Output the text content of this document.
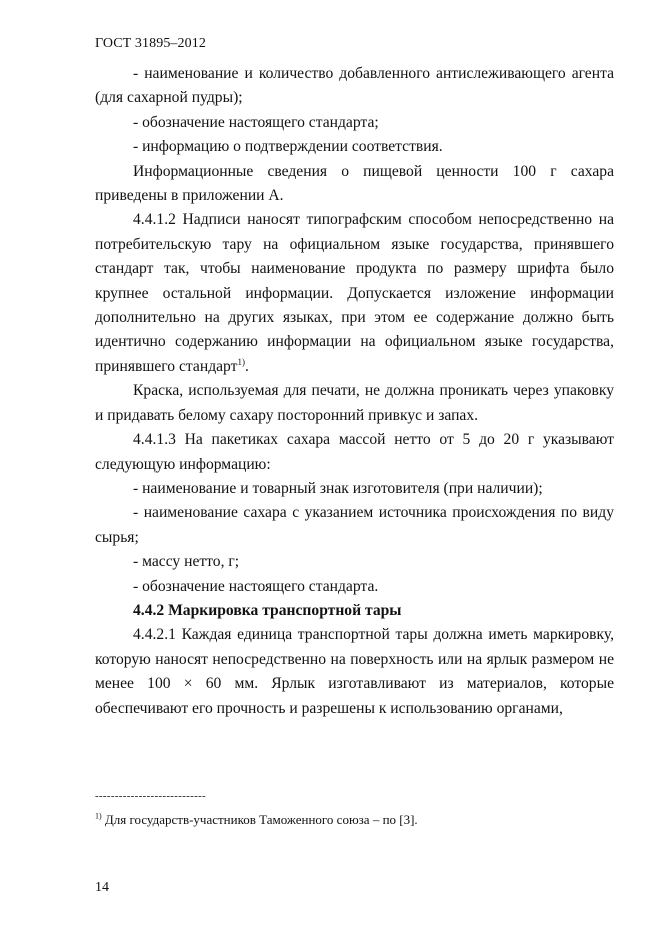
ГОСТ 31895–2012

- наименование и количество добавленного антислеживающего агента (для сахарной пудры);

- обозначение настоящего стандарта;

- информацию о подтверждении соответствия.

Информационные сведения о пищевой ценности 100 г сахара приведены в приложении А.

4.4.1.2 Надписи наносят типографским способом непосредственно на потребительскую тару на официальном языке государства, принявшего стандарт так, чтобы наименование продукта по размеру шрифта было крупнее остальной информации. Допускается изложение информации дополнительно на других языках, при этом ее содержание должно быть идентично содержанию информации на официальном языке государства, принявшего стандарт$^{1)}$.

Краска, используемая для печати, не должна проникать через упаковку и придавать белому сахару посторонний привкус и запах.

4.4.1.3 На пакетиках сахара массой нетто от 5 до 20 г указывают следующую информацию:

- наименование и товарный знак изготовителя (при наличии);

- наименование сахара с указанием источника происхождения по виду сырья;

- массу нетто, г;

- обозначение настоящего стандарта.

4.4.2 Маркировка транспортной тары

4.4.2.1 Каждая единица транспортной тары должна иметь маркировку, которую наносят непосредственно на поверхность или на ярлык размером не менее 100 × 60 мм. Ярлык изготавливают из материалов, которые обеспечивают его прочность и разрешены к использованию органами,

----------------------------
$^{1)}$ Для государств-участников Таможенного союза – по [3].
14
